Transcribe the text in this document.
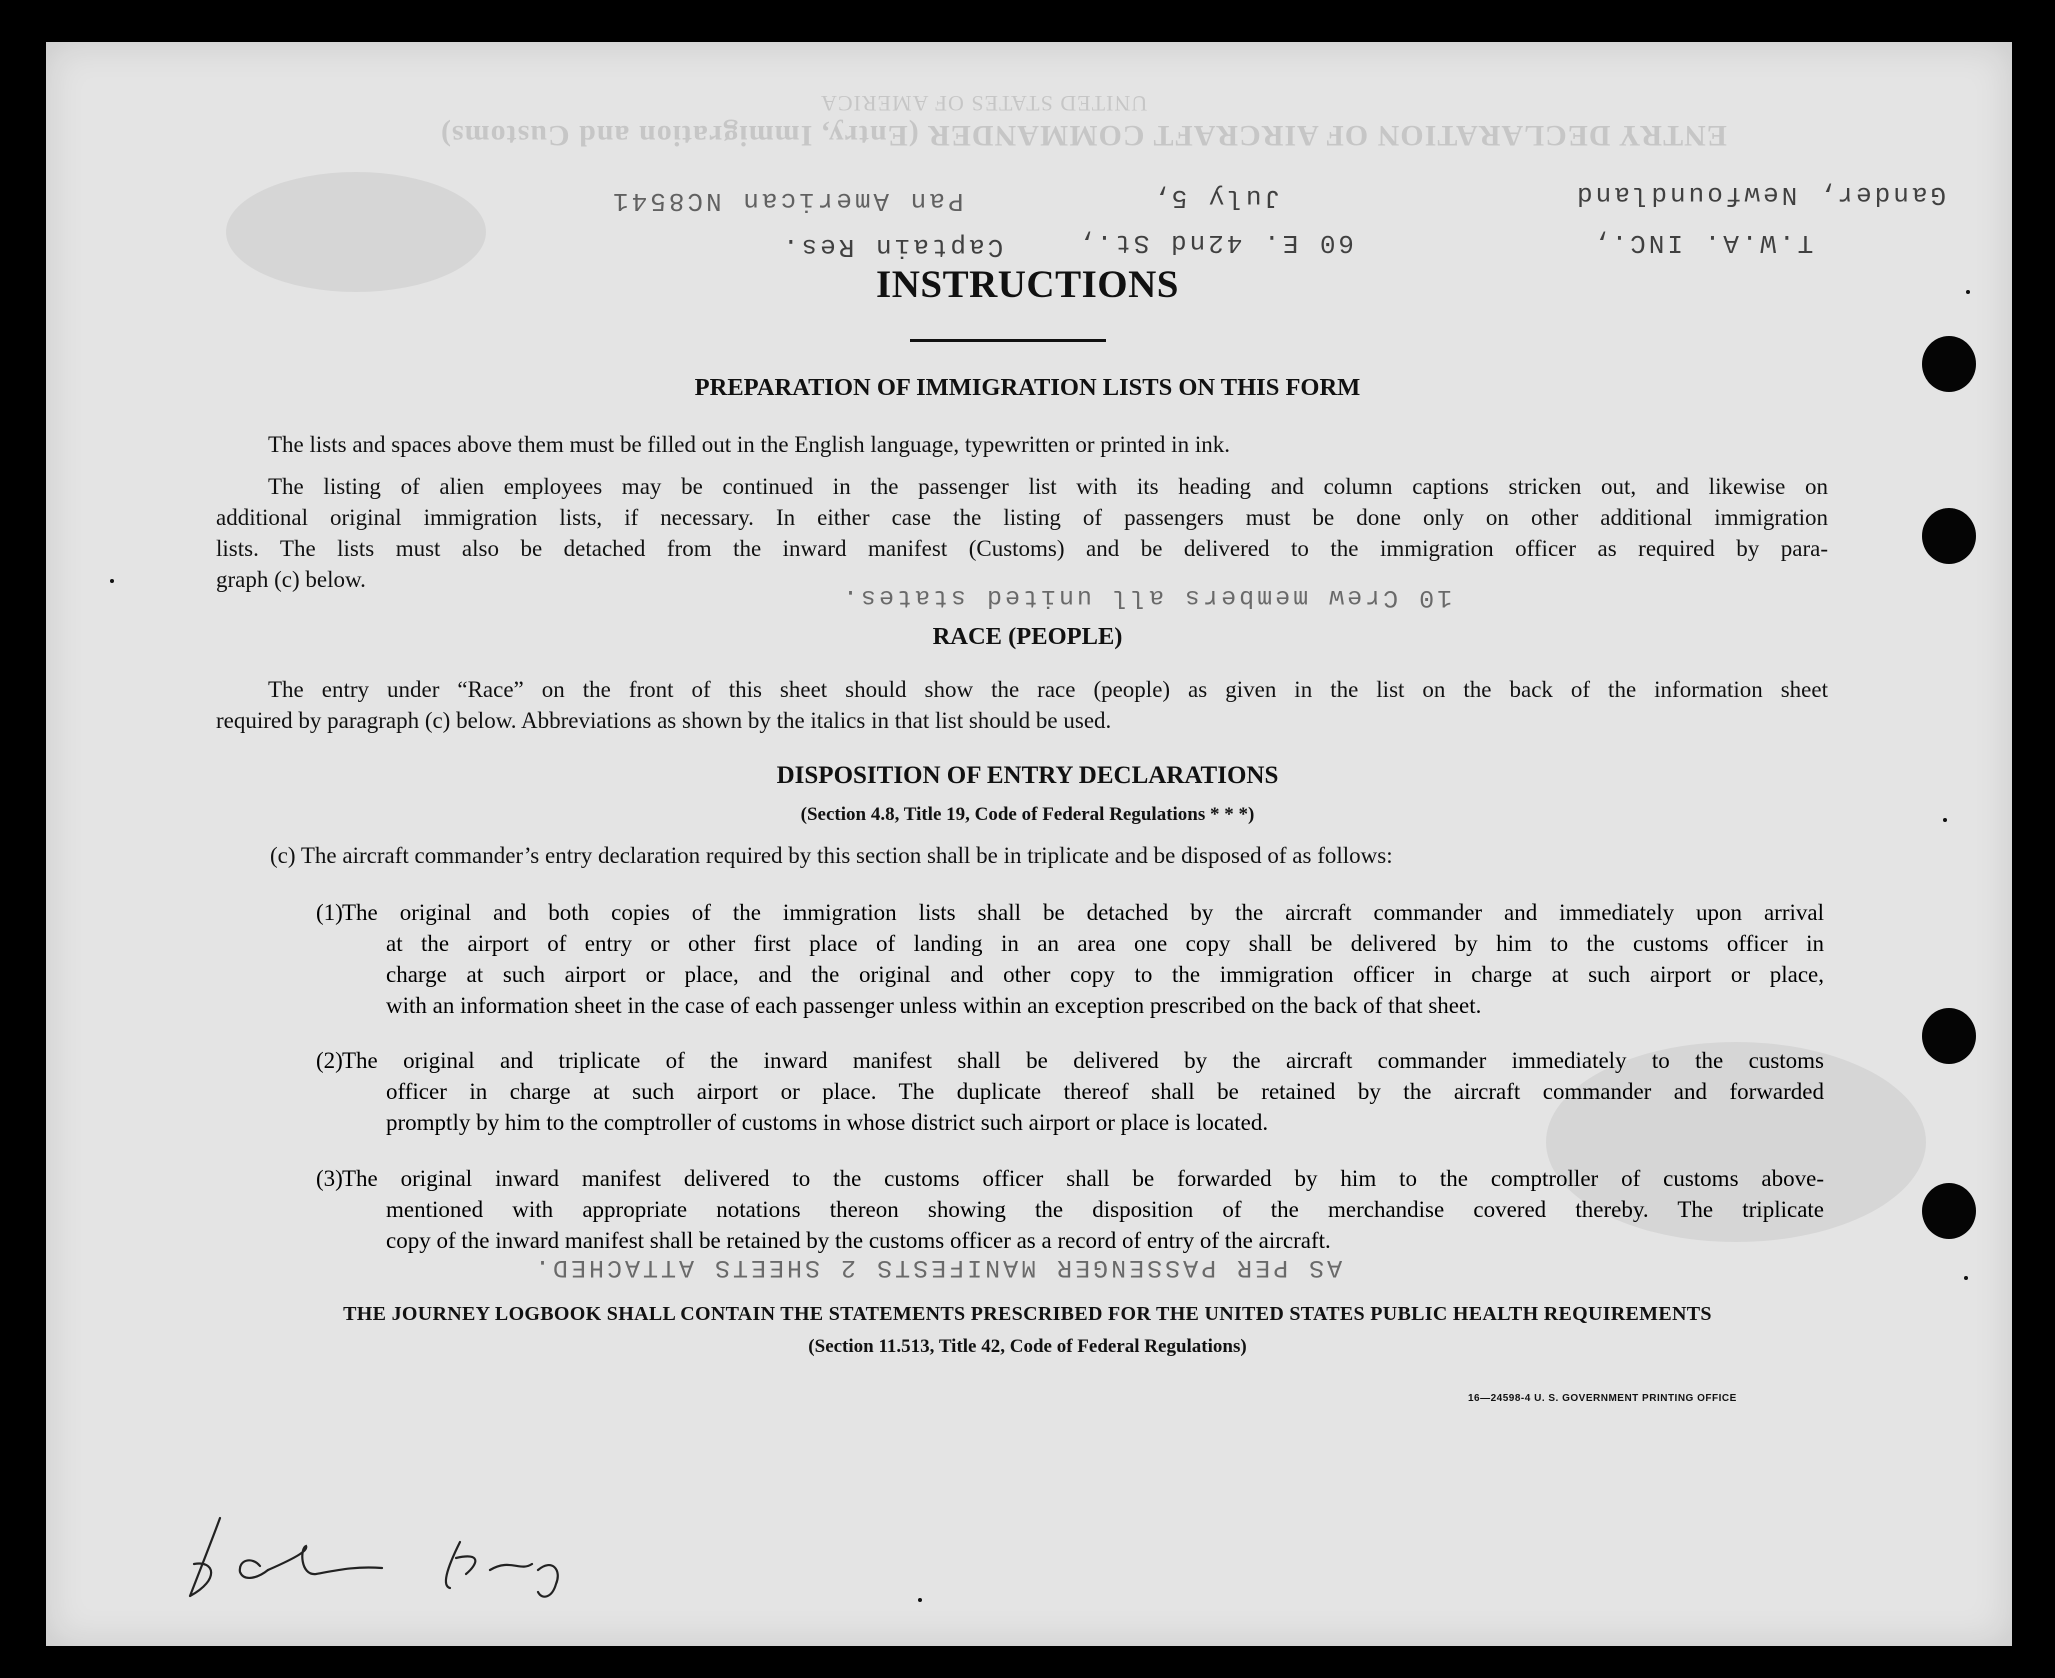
UNITED STATES OF AMERICA
ENTRY DECLARATION OF AIRCRAFT COMMANDER (Entry, Immigration and Customs)
Gander, Newfoundland
July 5,
Pan American NC8541
T.W.A. INC.,
60 E. 42nd St.,
Captain Res.
10 Crew members all united states.
AS PER PASSENGER MANIFESTS 2 SHEETS ATTACHED.
INSTRUCTIONS
PREPARATION OF IMMIGRATION LISTS ON THIS FORM
The lists and spaces above them must be filled out in the English language, typewritten or printed in ink.
The listing of alien employees may be continued in the passenger list with its heading and column captions stricken out, and likewise on
additional original immigration lists, if necessary. In either case the listing of passengers must be done only on other additional immigration
lists. The lists must also be detached from the inward manifest (Customs) and be delivered to the immigration officer as required by para-
graph (c) below.
RACE (PEOPLE)
The entry under “Race” on the front of this sheet should show the race (people) as given in the list on the back of the information sheet
required by paragraph (c) below. Abbreviations as shown by the italics in that list should be used.
DISPOSITION OF ENTRY DECLARATIONS
(Section 4.8, Title 19, Code of Federal Regulations * * *)
(c) The aircraft commander’s entry declaration required by this section shall be in triplicate and be disposed of as follows:
(1) The original and both copies of the immigration lists shall be detached by the aircraft commander and immediately upon arrival
at the airport of entry or other first place of landing in an area one copy shall be delivered by him to the customs officer in
charge at such airport or place, and the original and other copy to the immigration officer in charge at such airport or place,
with an information sheet in the case of each passenger unless within an exception prescribed on the back of that sheet.
(2) The original and triplicate of the inward manifest shall be delivered by the aircraft commander immediately to the customs
officer in charge at such airport or place. The duplicate thereof shall be retained by the aircraft commander and forwarded
promptly by him to the comptroller of customs in whose district such airport or place is located.
(3) The original inward manifest delivered to the customs officer shall be forwarded by him to the comptroller of customs above-
mentioned with appropriate notations thereon showing the disposition of the merchandise covered thereby. The triplicate
copy of the inward manifest shall be retained by the customs officer as a record of entry of the aircraft.
THE JOURNEY LOGBOOK SHALL CONTAIN THE STATEMENTS PRESCRIBED FOR THE UNITED STATES PUBLIC HEALTH REQUIREMENTS
(Section 11.513, Title 42, Code of Federal Regulations)
16—24598-4 U. S. GOVERNMENT PRINTING OFFICE
